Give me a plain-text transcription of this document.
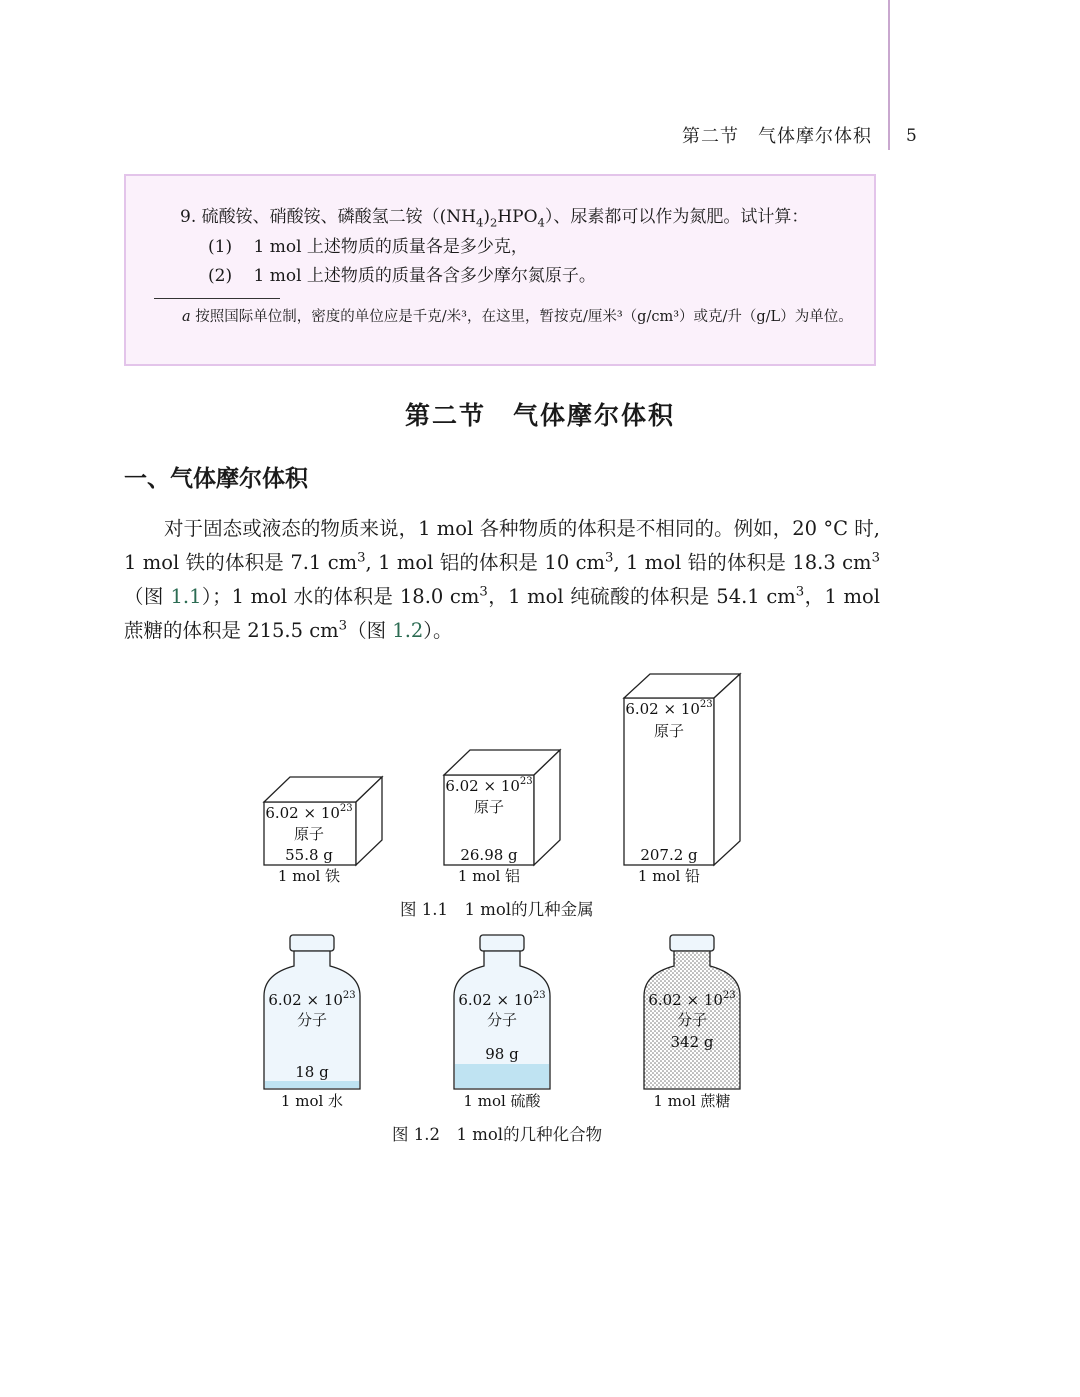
第二节　气体摩尔体积 5
9. 硫酸铵、硝酸铵、磷酸氢二铵$((NH_4)_2HPO_4)$、尿素都可以作为氮肥。试计算：
(1) 1 mol 上述物质的质量各是多少克，
(2) 1 mol 上述物质的质量各含多少摩尔氮原子。
a 按照国际单位制，密度的单位应是千克/米³，在这里，暂按克/厘米³（g/cm³）或克/升（g/L）为单位。
第二节　气体摩尔体积
一、气体摩尔体积
对于固态或液态的物质来说，1 mol 各种物质的体积是不相同的。例如，20 °C 时, 1 mol 铁的体积是 7.1 $cm^3$, 1 mol 铝的体积是 10 $cm^3$, 1 mol 铅的体积是 18.3 $cm^3$（图 1.1）；1 mol 水的体积是 18.0 $cm^3$，1 mol 纯硫酸的体积是 54.1 $cm^3$，1 mol 蔗糖的体积是 215.5 $cm^3$（图 1.2）。
$6.02 \times 10^{23}$
原子
55.8 g
1 mol 铁
$6.02 \times 10^{23}$
原子
26.98 g
1 mol 铝
$6.02 \times 10^{23}$
原子
207.2 g
1 mol 铅
$6.02 \times 10^{23}$
分子
18 g
1 mol 水
$6.02 \times 10^{23}$
分子
98 g
1 mol 硫酸
$6.02 \times 10^{23}$
分子
342 g
1 mol 蔗糖
图 1.1　1 mol的几种金属
图 1.2　1 mol的几种化合物
